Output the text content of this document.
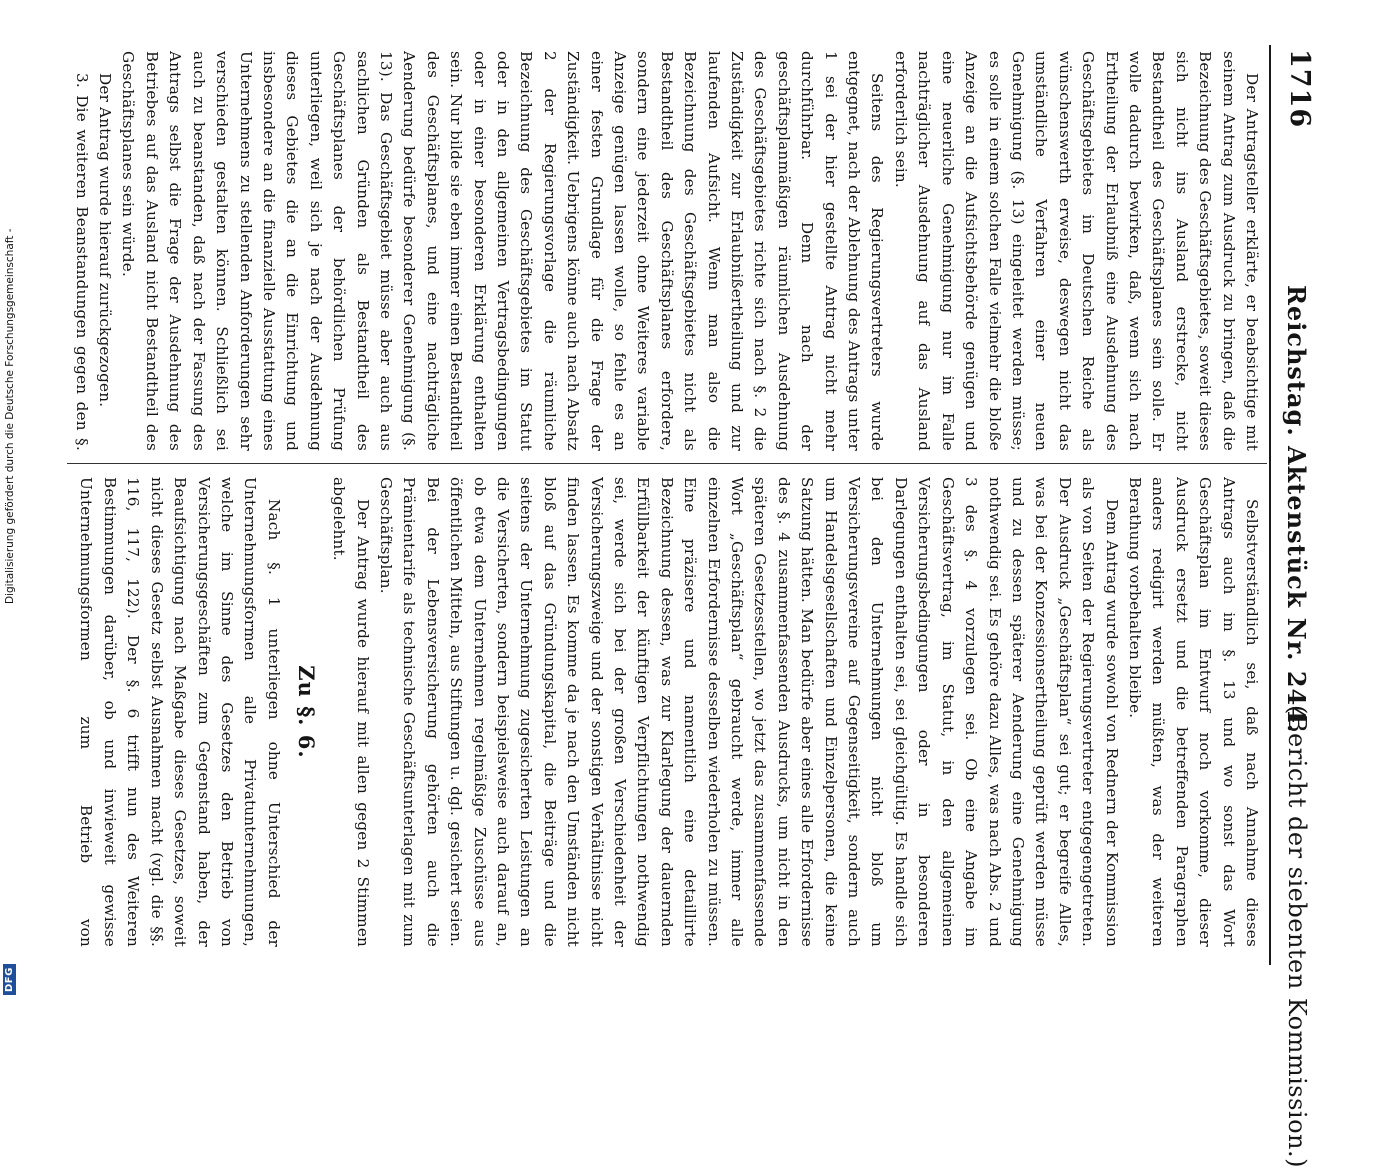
1716
Reichstag. Aktenstück Nr. 244.
(Bericht der siebenten Kommission.)

Der Antragsteller erklärte, er beabsichtige mit seinem Antrag zum Ausdruck zu bringen, daß die Bezeichnung des Geschäftsgebietes, soweit dieses sich nicht ins Ausland erstrecke, nicht Bestandtheil des Geschäftsplanes sein solle. Er wolle dadurch bewirken, daß, wenn sich nach Ertheilung der Erlaubniß eine Ausdehnung des Geschäftsgebietes im Deutschen Reiche als wünschenswerth erweise, deswegen nicht das umständliche Verfahren einer neuen Genehmigung (§. 13) eingeleitet werden müsse; es solle in einem solchen Falle vielmehr die bloße Anzeige an die Aufsichtsbehörde genügen und eine neuerliche Genehmigung nur im Falle nachträglicher Ausdehnung auf das Ausland erforderlich sein.

Seitens des Regierungsvertreters wurde entgegnet, nach der Ablehnung des Antrags unter 1 sei der hier gestellte Antrag nicht mehr durchführbar. Denn nach der geschäftsplanmäßigen räumlichen Ausdehnung des Geschäftsgebietes richte sich nach §. 2 die Zuständigkeit zur Erlaubnißertheilung und zur laufenden Aufsicht. Wenn man also die Bezeichnung des Geschäftsgebietes nicht als Bestandtheil des Geschäftsplanes erfordere, sondern eine jederzeit ohne Weiteres variable Anzeige genügen lassen wolle, so fehle es an einer festen Grundlage für die Frage der Zuständigkeit. Uebrigens könne auch nach Absatz 2 der Regierungsvorlage die räumliche Bezeichnung des Geschäftsgebietes im Statut oder in den allgemeinen Vertragsbedingungen oder in einer besonderen Erklärung enthalten sein. Nur bilde sie eben immer einen Bestandtheil des Geschäftsplanes, und eine nachträgliche Aenderung bedürfe besonderer Genehmigung (§. 13). Das Geschäftsgebiet müsse aber auch aus sachlichen Gründen als Bestandtheil des Geschäftsplanes der behördlichen Prüfung unterliegen, weil sich je nach der Ausdehnung dieses Gebietes die an die Einrichtung und insbesondere an die finanzielle Ausstattung eines Unternehmens zu stellenden Anforderungen sehr verschieden gestalten können. Schließlich sei auch zu beanstanden, daß nach der Fassung des Antrags selbst die Frage der Ausdehnung des Betriebes auf das Ausland nicht Bestandtheil des Geschäftsplanes sein würde.

Der Antrag wurde hierauf zurückgezogen.

3. Die weiteren Beanstandungen gegen den §.

Selbstverständlich sei, daß nach Annahme dieses Antrags auch im §. 13 und wo sonst das Wort Geschäftsplan im Entwurf noch vorkomme, dieser Ausdruck ersetzt und die betreffenden Paragraphen anders redigirt werden müßten, was der weiteren Berathung vorbehalten bleibe.

Dem Antrag wurde sowohl von Rednern der Kommission als von Seiten der Regierungsvertreter entgegengetreten. Der Ausdruck „Geschäftsplan“ sei gut; er begreife Alles, was bei der Konzessionsertheilung geprüft werden müsse und zu dessen späterer Aenderung eine Genehmigung nothwendig sei. Es gehöre dazu Alles, was nach Abs. 2 und 3 des §. 4 vorzulegen sei. Ob eine Angabe im Geschäftsvertrag, im Statut, in den allgemeinen Versicherungsbedingungen oder in besonderen Darlegungen enthalten sei, sei gleichgültig. Es handle sich bei den Unternehmungen nicht bloß um Versicherungsvereine auf Gegenseitigkeit, sondern auch um Handelsgesellschaften und Einzelpersonen, die keine Satzung hätten. Man bedürfe aber eines alle Erfordernisse des §. 4 zusammenfassenden Ausdrucks, um nicht in den späteren Gesetzesstellen, wo jetzt das zusammenfassende Wort „Geschäftsplan“ gebraucht werde, immer alle einzelnen Erfordernisse desselben wiederholen zu müssen. Eine präzisere und namentlich eine detaillirte Bezeichnung dessen, was zur Klarlegung der dauernden Erfüllbarkeit der künftigen Verpflichtungen nothwendig sei, werde sich bei der großen Verschiedenheit der Versicherungszweige und der sonstigen Verhältnisse nicht finden lassen. Es komme da je nach den Umständen nicht bloß auf das Gründungskapital, die Beiträge und die seitens der Unternehmung zugesicherten Leistungen an die Versicherten, sondern beispielsweise auch darauf an, ob etwa dem Unternehmen regelmäßige Zuschüsse aus öffentlichen Mitteln, aus Stiftungen u. dgl. gesichert seien. Bei der Lebensversicherung gehörten auch die Prämientarife als technische Geschäftsunterlagen mit zum Geschäftsplan.

Der Antrag wurde hierauf mit allen gegen 2 Stimmen abgelehnt.

Zu §. 6.

Nach §. 1 unterliegen ohne Unterschied der Unternehmungsformen alle Privatunternehmungen, welche im Sinne des Gesetzes den Betrieb von Versicherungsgeschäften zum Gegenstand haben, der Beaufsichtigung nach Maßgabe dieses Gesetzes, soweit nicht dieses Gesetz selbst Ausnahmen macht (vgl. die §§. 116, 117, 122). Der §. 6 trifft nun des Weiteren Bestimmungen darüber, ob und inwieweit gewisse Unternehmungsformen zum Betrieb von

Digitalisierung gefördert durch die Deutsche Forschungsgemeinschaft -
DFG
